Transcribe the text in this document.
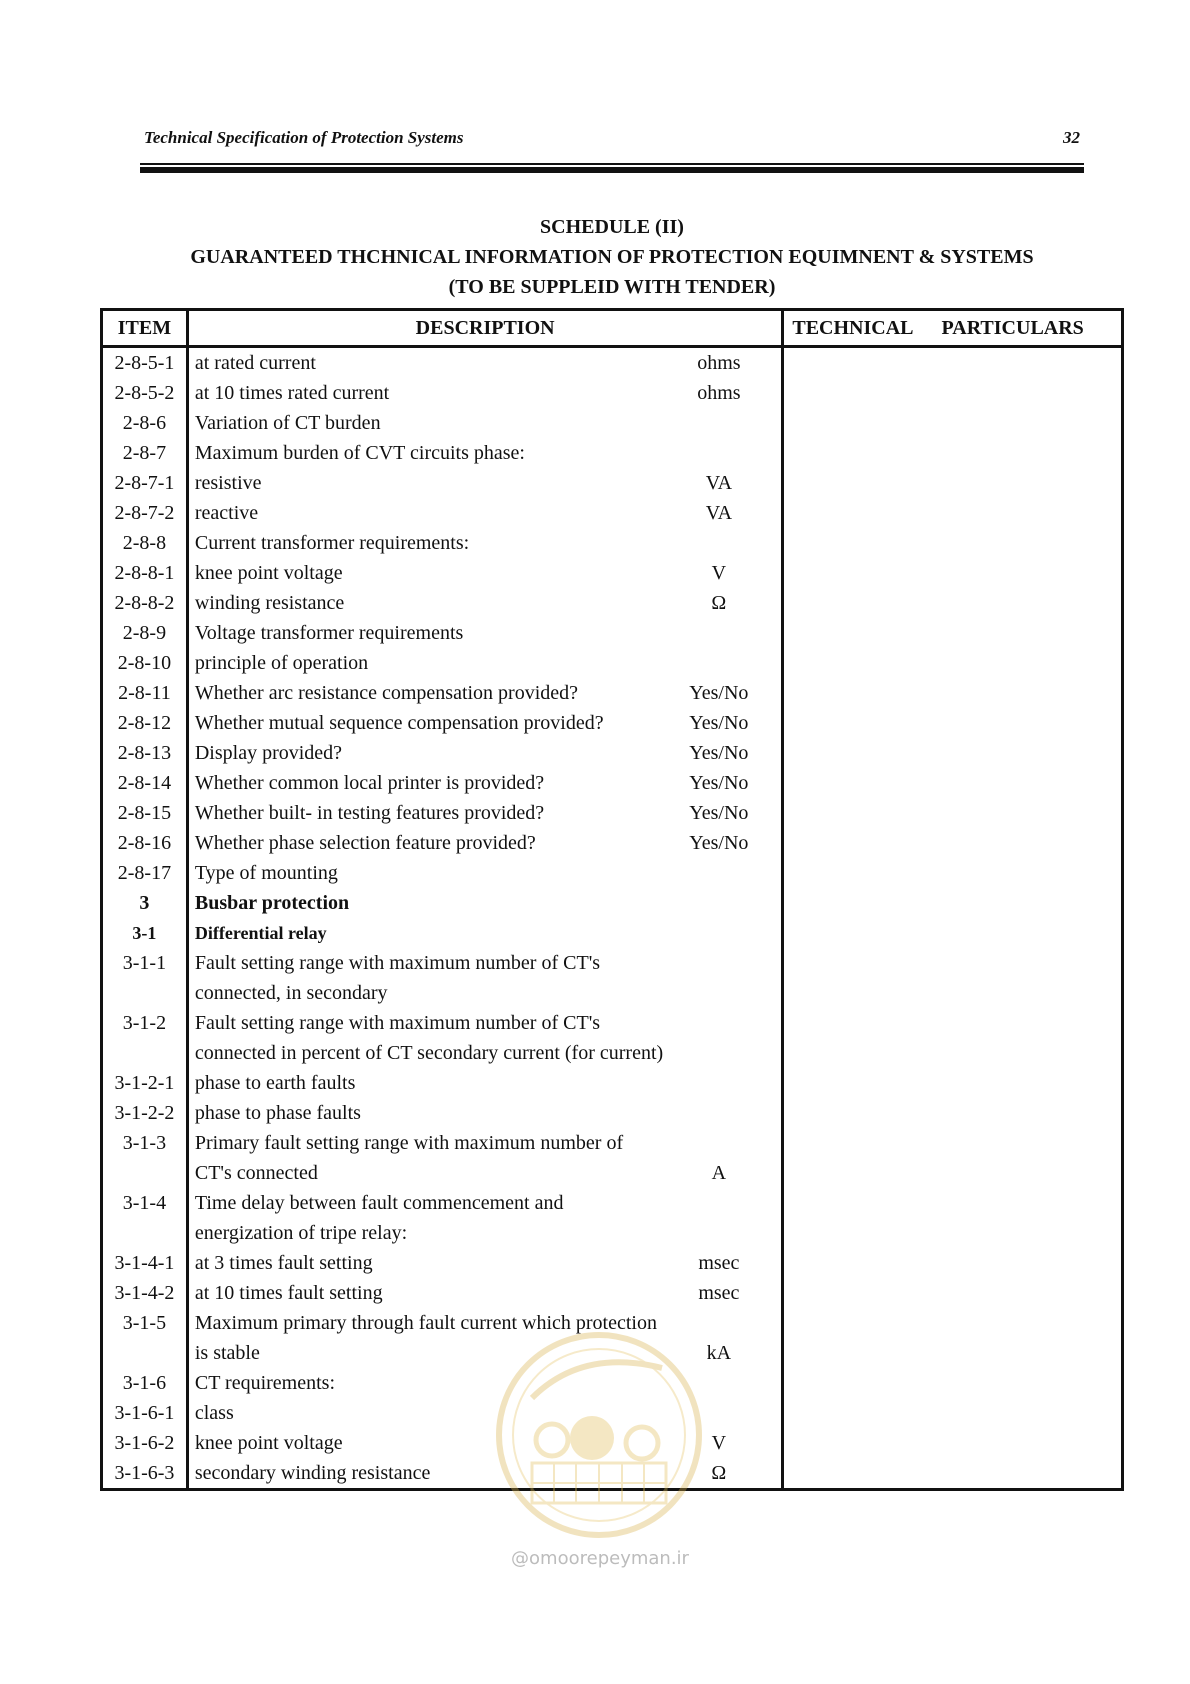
Technical Specification of Protection Systems	32
SCHEDULE (II)
GUARANTEED THCHNICAL INFORMATION OF PROTECTION EQUIMNENT & SYSTEMS
(TO BE SUPPLEID WITH TENDER)
ITEM	DESCRIPTION	TECHNICAL PARTICULARS
2-8-5-1	at rated current ohms	

2-8-5-2	at 10 times rated current ohms	

2-8-6	Variation of CT burden	

2-8-7	Maximum burden of CVT circuits phase:	

2-8-7-1	resistive VA	

2-8-7-2	reactive VA	

2-8-8	Current transformer requirements:	

2-8-8-1	knee point voltage V	

2-8-8-2	winding resistance Ω	

2-8-9	Voltage transformer requirements	

2-8-10	principle of operation	

2-8-11	Whether arc resistance compensation provided? Yes/No	

2-8-12	Whether mutual sequence compensation provided? Yes/No	

2-8-13	Display provided? Yes/No	

2-8-14	Whether common local printer is provided? Yes/No	

2-8-15	Whether built- in testing features provided? Yes/No	

2-8-16	Whether phase selection feature provided? Yes/No	

2-8-17	Type of mounting	

3	Busbar protection	

3-1	Differential relay	

3-1-1	Fault setting range with maximum number of CT's connected, in secondary	

3-1-2	Fault setting range with maximum number of CT's connected in percent of CT secondary current (for current)	

3-1-2-1	phase to earth faults	

3-1-2-2	phase to phase faults	

3-1-3	Primary fault setting range with maximum number of CT's connected A	

3-1-4	Time delay between fault commencement and energization of tripe relay:	

3-1-4-1	at 3 times fault setting msec	

3-1-4-2	at 10 times fault setting msec	

3-1-5	Maximum primary through fault current which protection is stable kA	

3-1-6	CT requirements:	

3-1-6-1	class	

3-1-6-2	knee point voltage V	

3-1-6-3	secondary winding resistance Ω	

@omoorepeyman.ir
